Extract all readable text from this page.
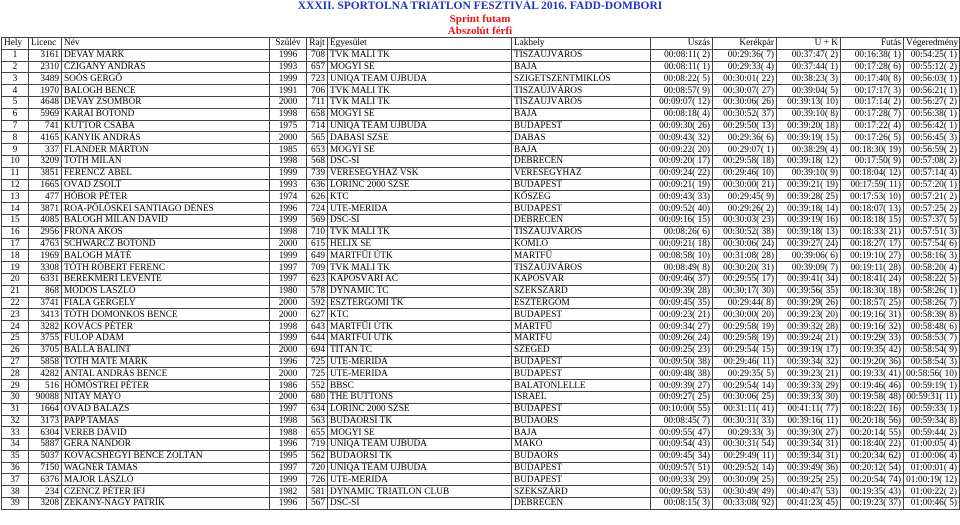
XXXII. SPORTOLNA TRIATLON FESZTIVÁL 2016. FADD-DOMBORI
Sprint futam
Abszolút férfi
Hely	Licenc	Név	Szülév	Rajt	Egyesület	Lakhely	Úszás	Kerékpár	Ú + K	Futás	Végeredmény
1	3161	DÉVAY MÁRK	1996	708	TVK MALI TK	TISZAÚJVÁROS	00:08:11( 2)	00:29:36( 7)	00:37:47( 2)	00:16:38( 1)	00:54:25( 1)
2	2310	CZIGÁNY ANDRÁS	1993	657	MOGYI SE	BAJA	00:08:11( 1)	00:29:33( 4)	00:37:44( 1)	00:17:28( 6)	00:55:12( 2)
3	3489	SOÓS GERGŐ	1999	723	UNIQA TEAM ÚJBUDA	SZIGETSZENTMIKLÓS	00:08:22( 5)	00:30:01( 22)	00:38:23( 3)	00:17:40( 8)	00:56:03( 1)
4	1970	BALOGH BENCE	1991	706	TVK MALI TK	TISZAÚJVÁROS	00:08:57( 9)	00:30:07( 27)	00:39:04( 5)	00:17:17( 3)	00:56:21( 1)
5	4648	DÉVAY ZSOMBOR	2000	711	TVK MALI TK	TISZAÚJVÁROS	00:09:07( 12)	00:30:06( 26)	00:39:13( 10)	00:17:14( 2)	00:56:27( 2)
6	5969	KARAI BOTOND	1998	658	MOGYI SE	BAJA	00:08:18( 4)	00:30:52( 37)	00:39:10( 8)	00:17:28( 7)	00:56:38( 1)
7	741	KUTTOR CSABA	1975	714	UNIQA TEAM ÚJBUDA	BUDAPEST	00:09:30( 26)	00:29:50( 13)	00:39:20( 18)	00:17:22( 4)	00:56:42( 1)
8	4165	KANYIK ANDRÁS	2000	565	DABASI SZSE	DABAS	00:09:43( 32)	00:29:36( 6)	00:39:19( 15)	00:17:26( 5)	00:56:45( 3)
9	337	FLANDER MÁRTON	1985	653	MOGYI SE	BAJA	00:09:22( 20)	00:29:07( 1)	00:38:29( 4)	00:18:30( 19)	00:56:59( 2)
10	3209	TÓTH MILÁN	1998	568	DSC-SI	DEBRECEN	00:09:20( 17)	00:29:58( 18)	00:39:18( 12)	00:17:50( 9)	00:57:08( 2)
11	3851	FERENCZ ÁBEL	1999	739	VERESEGYHÁZ VSK	VERESEGYHÁZ	00:09:24( 22)	00:29:46( 10)	00:39:10( 9)	00:18:04( 12)	00:57:14( 4)
12	1665	OVÁD ZSOLT	1993	636	LŐRINC 2000 SZSE	BUDAPEST	00:09:21( 19)	00:30:00( 21)	00:39:21( 19)	00:17:59( 11)	00:57:20( 1)
13	477	HÓBOR PÉTER	1974	626	KTC	KŐSZEG	00:09:43( 33)	00:29:45( 9)	00:39:28( 25)	00:17:53( 10)	00:57:21( 2)
14	3871	ROA-PÖLÖSKEI SANTIAGO DÉNES	1996	724	UTE-MERIDA	BUDAPEST	00:09:52( 40)	00:29:26( 2)	00:39:18( 14)	00:18:07( 13)	00:57:25( 2)
15	4085	BALOGH MILÁN DÁVID	1999	569	DSC-SI	DEBRECEN	00:09:16( 15)	00:30:03( 23)	00:39:19( 16)	00:18:18( 15)	00:57:37( 5)
16	2956	FRÓNA ÁKOS	1998	710	TVK MALI TK	TISZAÚJVÁROS	00:08:26( 6)	00:30:52( 38)	00:39:18( 13)	00:18:33( 21)	00:57:51( 3)
17	4763	SCHWARCZ BOTOND	2000	615	HÉLIX SE	KOMLÓ	00:09:21( 18)	00:30:06( 24)	00:39:27( 24)	00:18:27( 17)	00:57:54( 6)
18	1969	BALOGH MÁTÉ	1999	649	MARTFŰI ÚTK	MARTFŰ	00:08:58( 10)	00:31:08( 28)	00:39:06( 6)	00:19:10( 27)	00:58:16( 3)
19	3308	TÓTH RÓBERT FERENC	1997	709	TVK MALI TK	TISZAÚJVÁROS	00:08:49( 8)	00:30:20( 31)	00:39:09( 7)	00:19:11( 28)	00:58:20( 4)
20	6331	BEREKMÉRI LEVENTE	1997	623	KAPOSVÁRI AC	KAPOSVÁR	00:09:46( 37)	00:29:55( 17)	00:39:41( 34)	00:18:41( 24)	00:58:22( 5)
21	868	MÓDOS LÁSZLÓ	1980	578	DYNAMIC TC	SZEKSZÁRD	00:09:39( 28)	00:30:17( 30)	00:39:56( 35)	00:18:30( 18)	00:58:26( 1)
22	3741	FIALA GERGELY	2000	592	ESZTERGOMI TK	ESZTERGOM	00:09:45( 35)	00:29:44( 8)	00:39:29( 26)	00:18:57( 25)	00:58:26( 7)
23	3413	TÓTH DOMONKOS BENCE	2000	627	KTC	BUDAPEST	00:09:23( 21)	00:30:00( 20)	00:39:23( 20)	00:19:16( 31)	00:58:39( 8)
24	3282	KOVÁCS PÉTER	1998	643	MARTFŰI ÚTK	MARTFŰ	00:09:34( 27)	00:29:58( 19)	00:39:32( 28)	00:19:16( 32)	00:58:48( 6)
25	3755	FÜLÖP ÁDÁM	1999	644	MARTFŰI ÚTK	MARTFŰ	00:09:26( 24)	00:29:58( 19)	00:39:24( 21)	00:19:29( 33)	00:58:53( 7)
26	3705	BALLA BÁLINT	2000	694	TITÁN TC	SZEGED	00:09:25( 23)	00:29:54( 15)	00:39:19( 17)	00:19:35( 42)	00:58:54( 9)
27	5858	TÓTH MÁTÉ MÁRK	1996	725	UTE-MERIDA	BUDAPEST	00:09:50( 38)	00:29:46( 11)	00:39:34( 32)	00:19:20( 36)	00:58:54( 3)
28	4282	ANTAL ANDRÁS BENCE	2000	725	UTE-MERIDA	BUDAPEST	00:09:48( 38)	00:29:35( 5)	00:39:23( 21)	00:19:33( 41)	00:58:56( 10)
29	516	HÖMÖSTREI PÉTER	1986	552	BBSC	BALATONLELLE	00:09:39( 27)	00:29:54( 14)	00:39:33( 29)	00:19:46( 46)	00:59:19( 1)
30	90088	NITAY MAYO	2000	680	THE BUTTONS	ISRAEL	00:09:27( 25)	00:30:06( 25)	00:39:33( 30)	00:19:58( 48)	00:59:31( 11)
31	1664	OVÁD BALÁZS	1997	634	LŐRINC 2000 SZSE	BUDAPEST	00:10:00( 55)	00:31:11( 41)	00:41:11( 77)	00:18:22( 16)	00:59:33( 1)
32	3173	PAPP TAMÁS	1998	563	BUDAÖRSI TK	BUDAÖRS	00:08:45( 7)	00:30:31( 33)	00:39:16( 11)	00:20:18( 56)	00:59:34( 8)
33	6304	VEREB DÁVID	1988	655	MOGYI SE	BAJA	00:09:55( 47)	00:29:33( 3)	00:39:30( 27)	00:20:14( 55)	00:59:44( 2)
34	5887	GERA NÁNDOR	1996	719	UNIQA TEAM ÚJBUDA	MAKÓ	00:09:54( 43)	00:30:31( 54)	00:39:34( 31)	00:18:40( 22)	01:00:05( 4)
35	5037	KOVÁCSHEGYI BENCE ZOLTÁN	1995	562	BUDAÖRSI TK	BUDAÖRS	00:09:45( 34)	00:29:49( 11)	00:39:34( 31)	00:20:34( 62)	01:00:06( 4)
36	7150	WAGNER TAMÁS	1997	720	UNIQA TEAM ÚJBUDA	BUDAPEST	00:09:57( 51)	00:29:52( 14)	00:39:49( 36)	00:20:12( 54)	01:00:01( 4)
37	6376	MAJOR LÁSZLÓ	1999	726	UTE-MERIDA	BUDAPEST	00:09:33( 29)	00:30:09( 25)	00:39:25( 25)	00:20:54( 74)	01:00:19( 12)
38	234	CZENCZ PÉTER IFJ	1982	581	DYNAMIC TRIATLON CLUB	SZEKSZÁRD	00:09:58( 53)	00:30:49( 49)	00:40:47( 53)	00:19:35( 43)	01:00:22( 2)
39	3208	ZEKÁNY-NAGY PATRIK	1996	567	DSC-SI	DEBRECEN	00:08:15( 3)	00:33:08( 92)	00:41:23( 45)	00:19:23( 37)	01:00:46( 5)
